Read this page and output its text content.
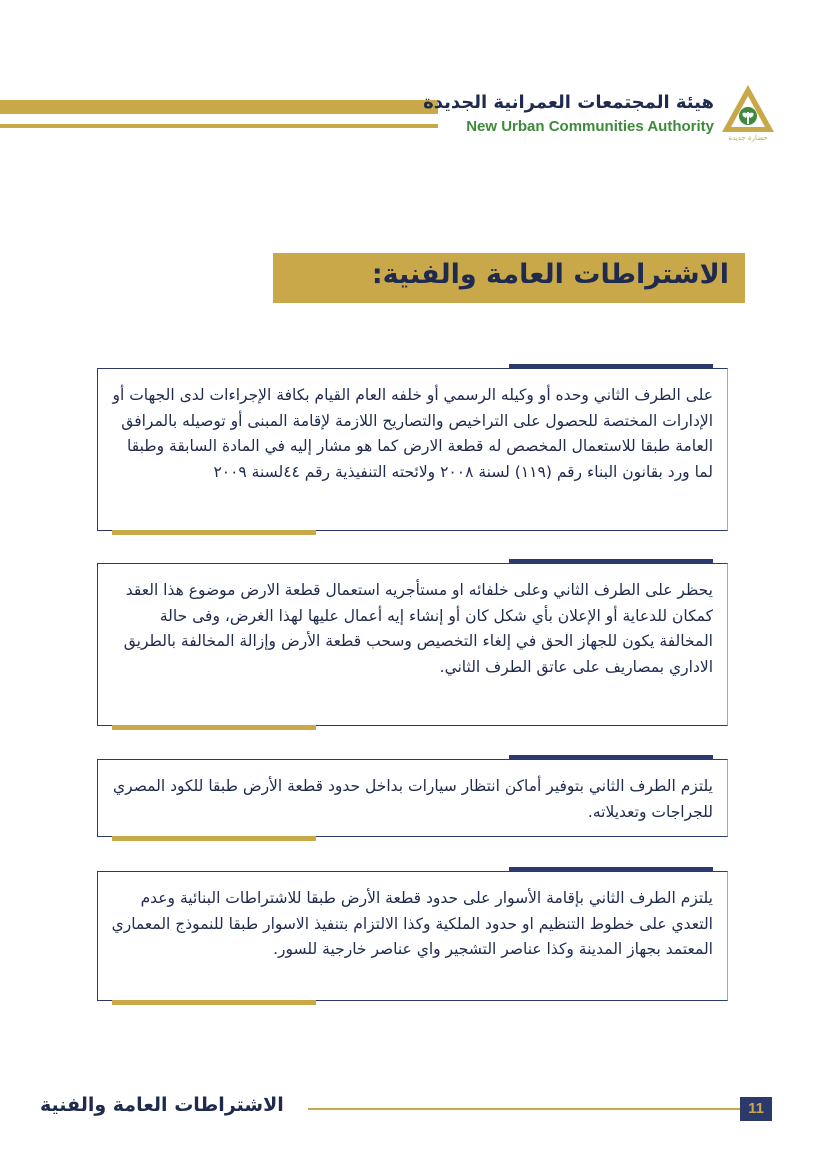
هيئة المجتمعات العمرانية الجديدة
New Urban Communities Authority
حضارة جديدة
الاشتراطات العامة والفنية:
على الطرف الثاني وحده أو وكيله الرسمي أو خلفه العام القيام بكافة الإجراءات لدى الجهات أو الإدارات المختصة للحصول على التراخيص والتصاريح اللازمة لإقامة المبنى أو توصيله بالمرافق العامة طبقا للاستعمال المخصص له قطعة الارض كما هو مشار إليه في المادة السابقة وطبقا لما ورد بقانون البناء رقم (١١٩) لسنة ٢٠٠٨ ولائحته التنفيذية رقم ٤٤لسنة ٢٠٠٩
يحظر على الطرف الثاني وعلى خلفائه او مستأجريه استعمال قطعة الارض موضوع هذا العقد كمكان للدعاية أو الإعلان بأي شكل كان أو إنشاء إيه أعمال عليها لهذا الغرض، وفى حالة المخالفة يكون للجهاز الحق في إلغاء التخصيص وسحب قطعة الأرض وإزالة المخالفة بالطريق الاداري بمصاريف على عاتق الطرف الثاني.
يلتزم الطرف الثاني بتوفير أماكن انتظار سيارات بداخل حدود قطعة الأرض طبقا للكود المصري للجراجات وتعديلاته.
يلتزم الطرف الثاني بإقامة الأسوار على حدود قطعة الأرض طبقا للاشتراطات البنائية وعدم التعدي على خطوط التنظيم او حدود الملكية وكذا الالتزام بتنفيذ الاسوار طبقا للنموذج المعماري المعتمد بجهاز المدينة وكذا عناصر التشجير واي عناصر خارجية للسور.
الاشتراطات العامة والفنية	11
